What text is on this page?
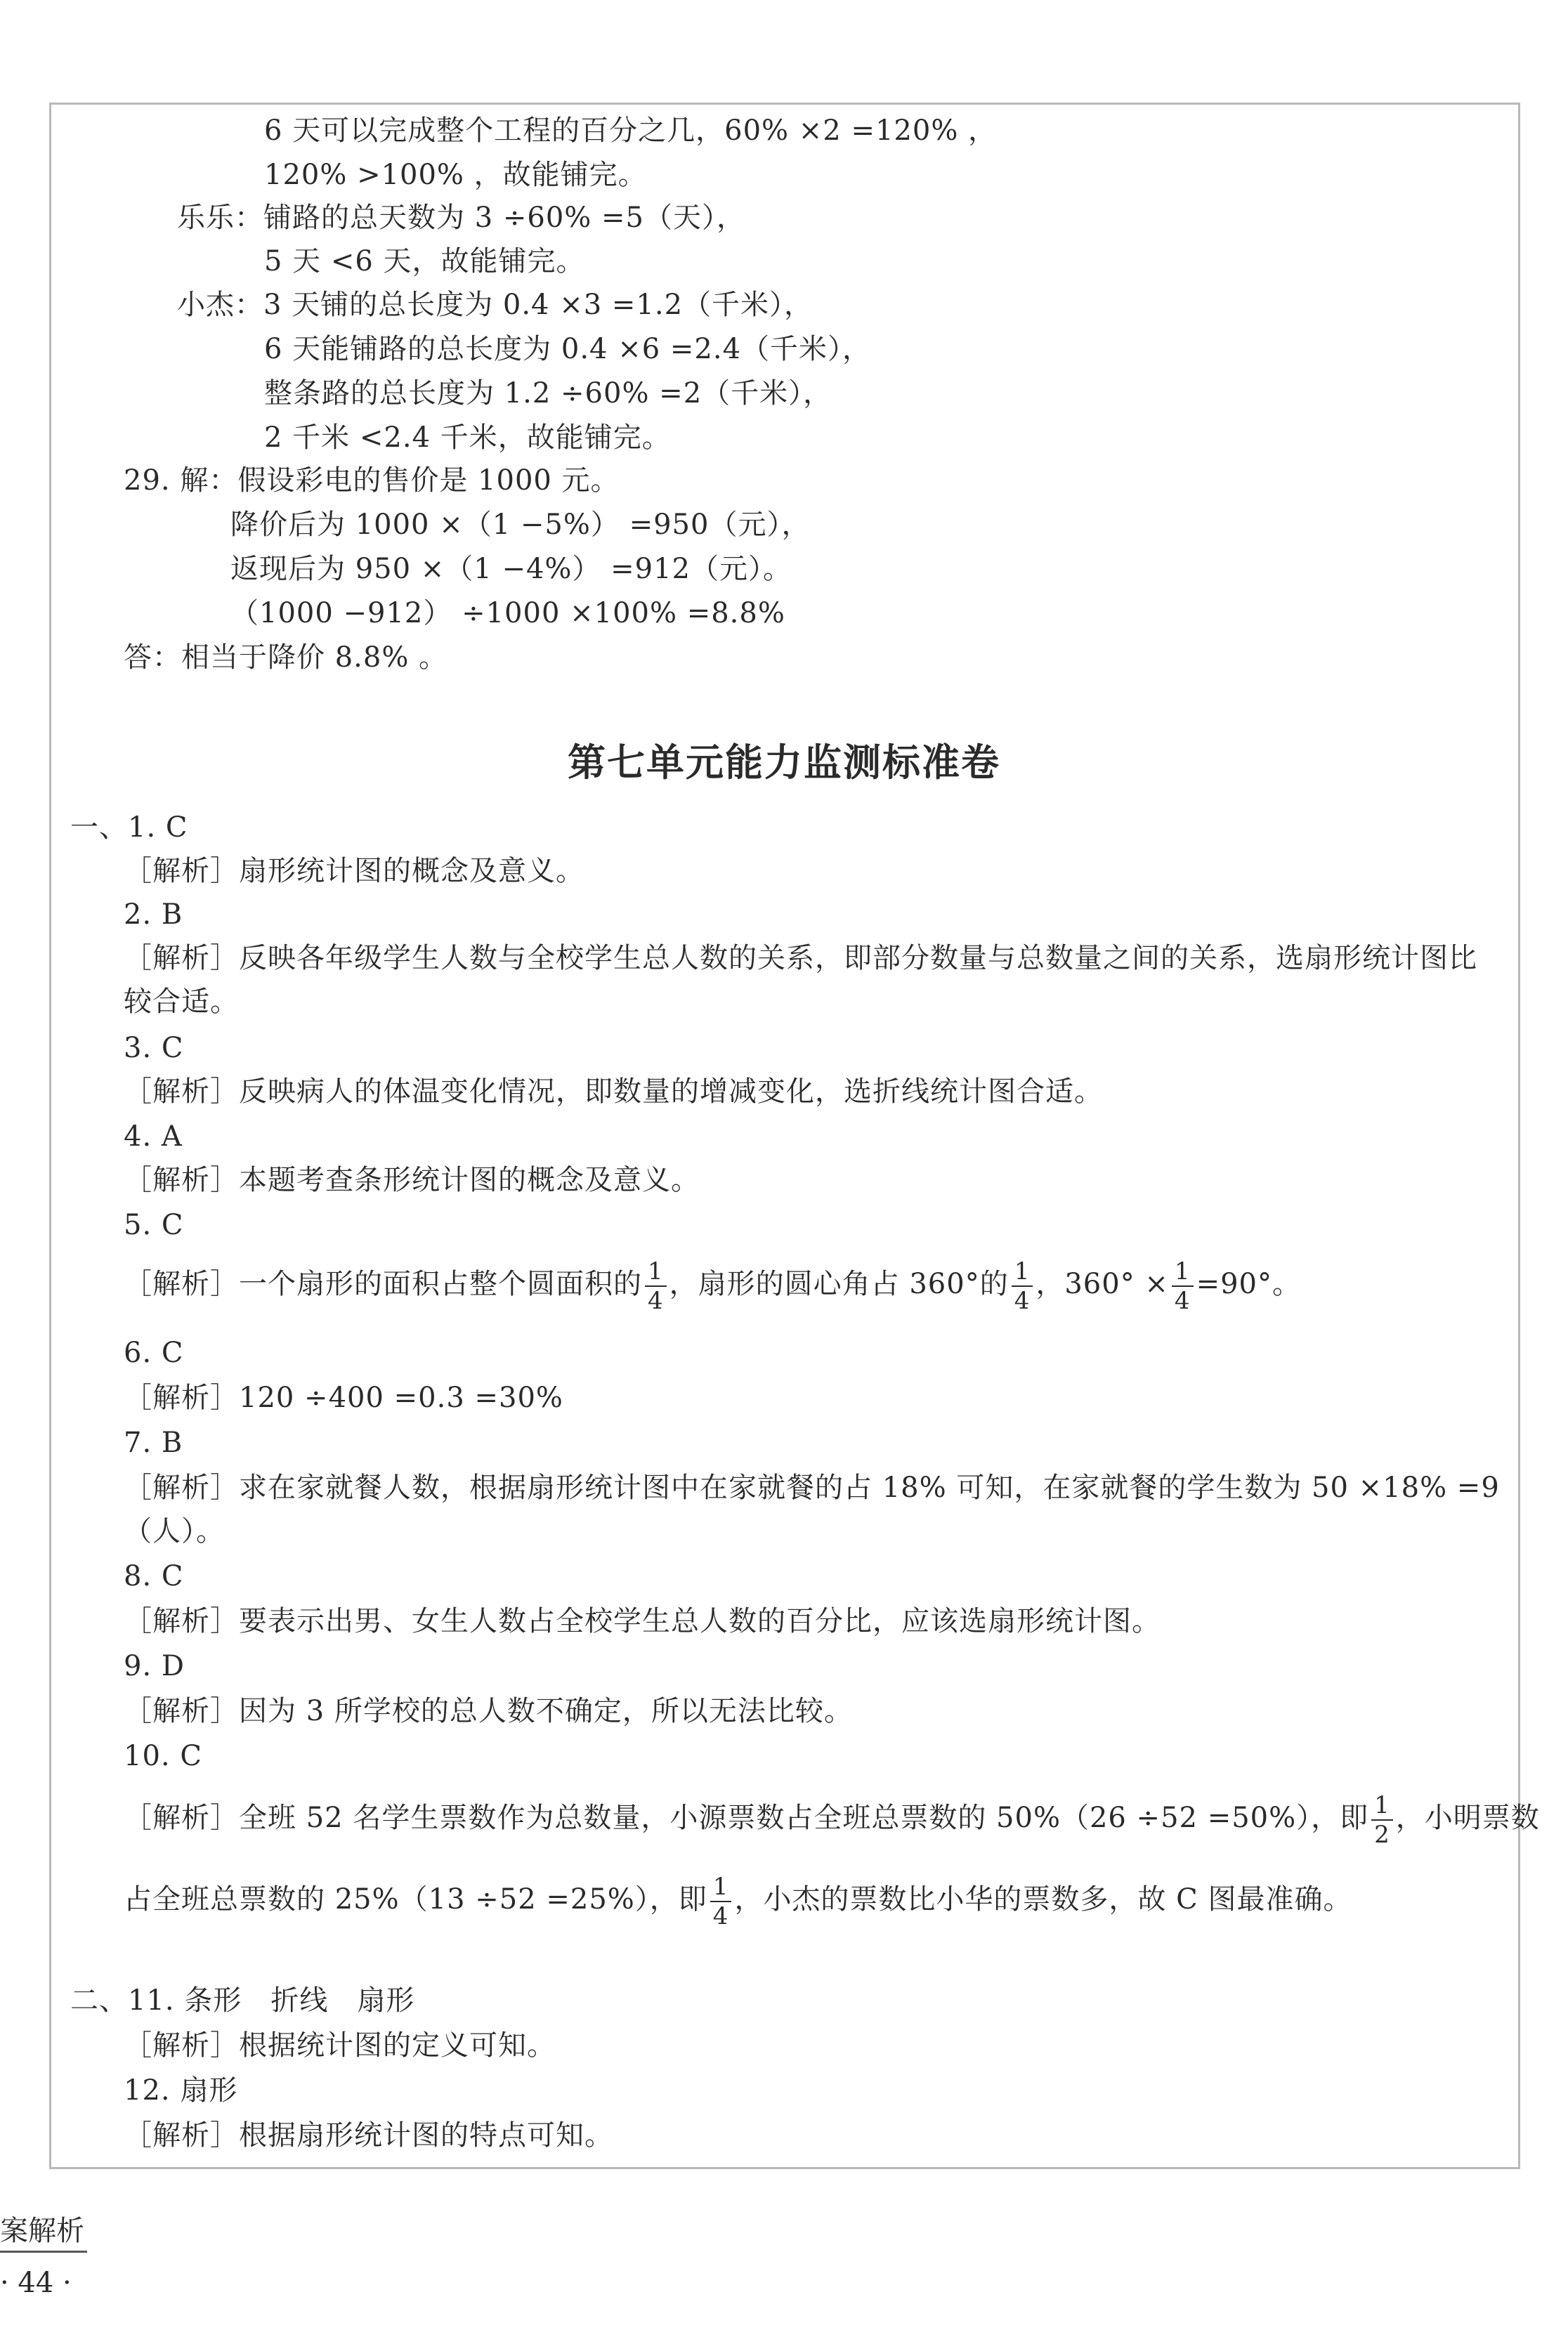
6 天可以完成整个工程的百分之几，60% ×2 =120% ，
120% >100% ，故能铺完。
乐乐：铺路的总天数为 3 ÷60% =5（天），
5 天 <6 天，故能铺完。
小杰：3 天铺的总长度为 0.4 ×3 =1.2（千米），
6 天能铺路的总长度为 0.4 ×6 =2.4（千米），
整条路的总长度为 1.2 ÷60% =2（千米），
2 千米 <2.4 千米，故能铺完。
29. 解：假设彩电的售价是 1000 元。
降价后为 1000 ×（1 −5%） =950（元），
返现后为 950 ×（1 −4%） =912（元）。
（1000 −912） ÷1000 ×100% =8.8%
答：相当于降价 8.8% 。
第七单元能力监测标准卷
一、1. C
［解析］扇形统计图的概念及意义。
2. B
［解析］反映各年级学生人数与全校学生总人数的关系，即部分数量与总数量之间的关系，选扇形统计图比
较合适。
3. C
［解析］反映病人的体温变化情况，即数量的增减变化，选折线统计图合适。
4. A
［解析］本题考查条形统计图的概念及意义。
5. C
［解析］一个扇形的面积占整个圆面积的 $\frac{1}{4}$ ，扇形的圆心角占 360°的 $\frac{1}{4}$ ，$360^\circ \times \frac{1}{4} =90^\circ$。
6. C
［解析］120 ÷400 =0.3 =30%
7. B
［解析］求在家就餐人数，根据扇形统计图中在家就餐的占 18% 可知，在家就餐的学生数为 50 ×18% =9
（人）。
8. C
［解析］要表示出男、女生人数占全校学生总人数的百分比，应该选扇形统计图。
9. D
［解析］因为 3 所学校的总人数不确定，所以无法比较。
10. C
［解析］全班 52 名学生票数作为总数量，小源票数占全班总票数的 50%（26 ÷52 =50%），即 $\frac{1}{2}$ ，小明票数
占全班总票数的 25%（13 ÷52 =25%），即 $\frac{1}{4}$ ，小杰的票数比小华的票数多，故 C 图最准确。
二、11. 条形　折线　扇形
［解析］根据统计图的定义可知。
12. 扇形
［解析］根据扇形统计图的特点可知。
案解析
· 44 ·
